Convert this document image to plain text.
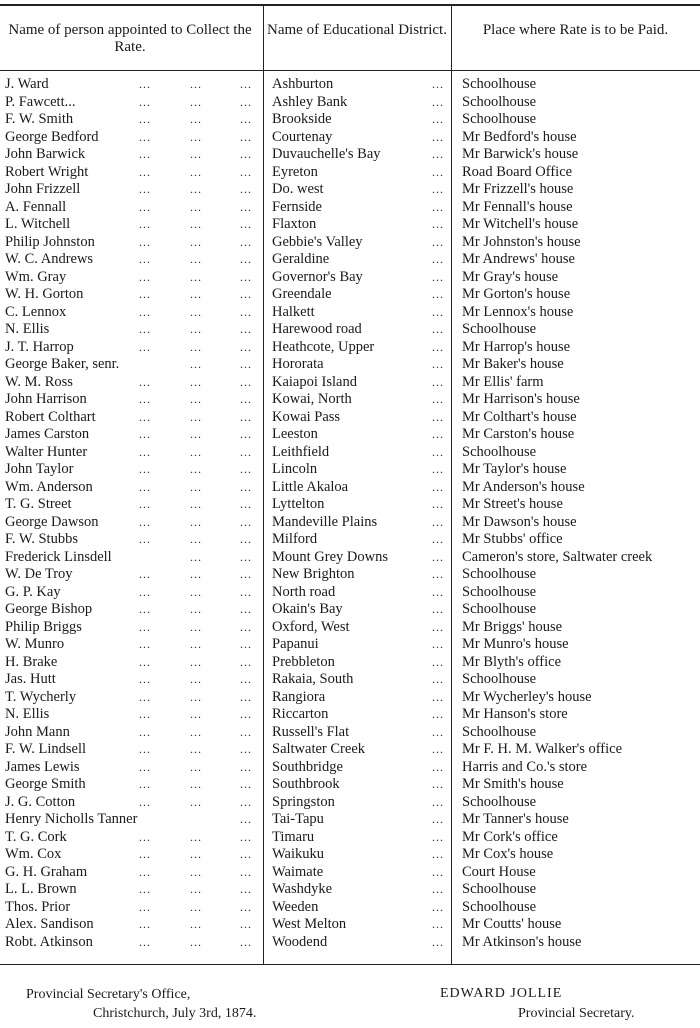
Name of person appointed to Collect the Rate.
Name of Educational District.	Place where Rate is to be Paid.
J. Ward	...	...	... Ashburton	... Schoolhouse
P. Fawcett...	...	...	... Ashley Bank	... Schoolhouse
F. W. Smith	...	...	... Brookside	... Schoolhouse
George Bedford	...	...	... Courtenay	... Mr Bedford's house
John Barwick	...	...	... Duvauchelle's Bay	... Mr Barwick's house
Robert Wright	...	...	... Eyreton	... Road Board Office
John Frizzell	...	...	... Do. west	... Mr Frizzell's house
A. Fennall	...	...	... Fernside	... Mr Fennall's house
L. Witchell	...	...	... Flaxton	... Mr Witchell's house
Philip Johnston	...	...	... Gebbie's Valley	... Mr Johnston's house
W. C. Andrews	...	...	... Geraldine	... Mr Andrews' house
Wm. Gray	...	...	... Governor's Bay	... Mr Gray's house
W. H. Gorton	...	...	... Greendale	... Mr Gorton's house
C. Lennox	...	...	... Halkett	... Mr Lennox's house
N. Ellis	...	...	... Harewood road	... Schoolhouse
J. T. Harrop	...	...	... Heathcote, Upper	... Mr Harrop's house
George Baker, senr.	...	... Hororata	... Mr Baker's house
W. M. Ross	...	...	... Kaiapoi Island	... Mr Ellis' farm
John Harrison	...	...	... Kowai, North	... Mr Harrison's house
Robert Colthart	...	...	... Kowai Pass	... Mr Colthart's house
James Carston	...	...	... Leeston	... Mr Carston's house
Walter Hunter	...	...	... Leithfield	... Schoolhouse
John Taylor	...	...	... Lincoln	... Mr Taylor's house
Wm. Anderson	...	...	... Little Akaloa	... Mr Anderson's house
T. G. Street	...	...	... Lyttelton	... Mr Street's house
George Dawson	...	...	... Mandeville Plains	... Mr Dawson's house
F. W. Stubbs	...	...	... Milford	... Mr Stubbs' office
Frederick Linsdell	...	... Mount Grey Downs	... Cameron's store, Saltwater creek
W. De Troy	...	...	... New Brighton	... Schoolhouse
G. P. Kay	...	...	... North road	... Schoolhouse
George Bishop	...	...	... Okain's Bay	... Schoolhouse
Philip Briggs	...	...	... Oxford, West	... Mr Briggs' house
W. Munro	...	...	... Papanui	... Mr Munro's house
H. Brake	...	...	... Prebbleton	... Mr Blyth's office
Jas. Hutt	...	...	... Rakaia, South	... Schoolhouse
T. Wycherly	...	...	... Rangiora	... Mr Wycherley's house
N. Ellis	...	...	... Riccarton	... Mr Hanson's store
John Mann	...	...	... Russell's Flat	... Schoolhouse
F. W. Lindsell	...	...	... Saltwater Creek	... Mr F. H. M. Walker's office
James Lewis	...	...	... Southbridge	... Harris and Co.'s store
George Smith	...	...	... Southbrook	... Mr Smith's house
J. G. Cotton	...	...	... Springston	... Schoolhouse
Henry Nicholls Tanner	... Tai-Tapu	... Mr Tanner's house
T. G. Cork	...	...	... Timaru	... Mr Cork's office
Wm. Cox	...	...	... Waikuku	... Mr Cox's house
G. H. Graham	...	...	... Waimate	... Court House
L. L. Brown	...	...	... Washdyke	... Schoolhouse
Thos. Prior	...	...	... Weeden	... Schoolhouse
Alex. Sandison	...	...	... West Melton	... Mr Coutts' house
Robt. Atkinson	...	...	... Woodend	... Mr Atkinson's house
Provincial Secretary's Office,
Christchurch, July 3rd, 1874.
EDWARD JOLLIE
Provincial Secretary.
